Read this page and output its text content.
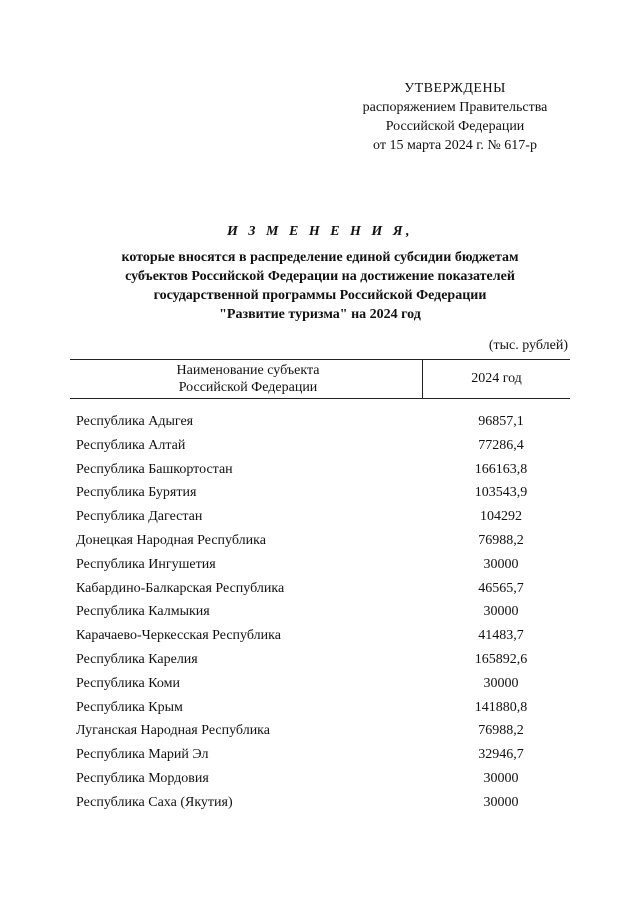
УТВЕРЖДЕНЫ
распоряжением Правительства
Российской Федерации
от 15 марта 2024 г. № 617-р
И З М Е Н Е Н И Я,
которые вносятся в распределение единой субсидии бюджетам
субъектов Российской Федерации на достижение показателей
государственной программы Российской Федерации
"Развитие туризма" на 2024 год
(тыс. рублей)
Наименование субъекта
Российской Федерации
2024 год
Республика Адыгея	96857,1
Республика Алтай	77286,4
Республика Башкортостан	166163,8
Республика Бурятия	103543,9
Республика Дагестан	104292
Донецкая Народная Республика	76988,2
Республика Ингушетия	30000
Кабардино-Балкарская Республика	46565,7
Республика Калмыкия	30000
Карачаево-Черкесская Республика	41483,7
Республика Карелия	165892,6
Республика Коми	30000
Республика Крым	141880,8
Луганская Народная Республика	76988,2
Республика Марий Эл	32946,7
Республика Мордовия	30000
Республика Саха (Якутия)	30000
